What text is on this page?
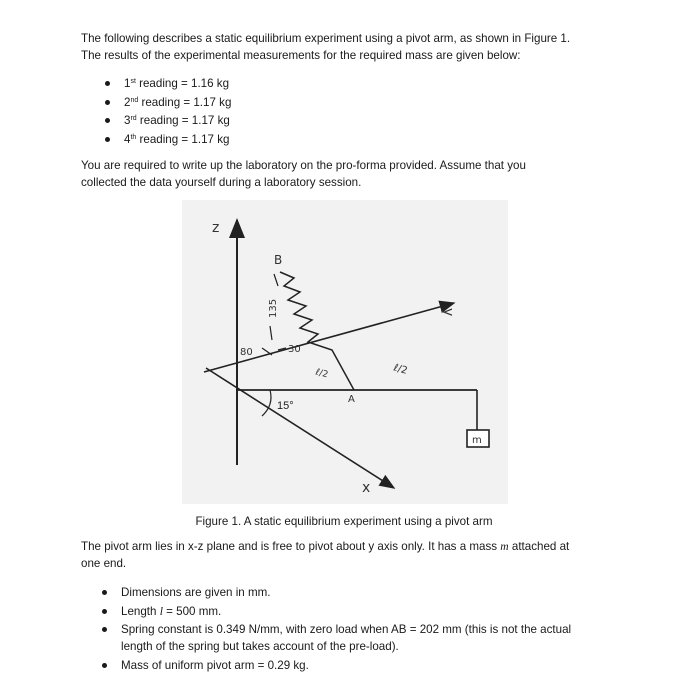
The following describes a static equilibrium experiment using a pivot arm, as shown in Figure 1.
The results of the experimental measurements for the required mass are given below:

1st reading = 1.16 kg
2nd reading = 1.17 kg
3rd reading = 1.17 kg
4th reading = 1.17 kg

You are required to write up the laboratory on the pro-forma provided. Assume that you
collected the data yourself during a laboratory session.

z
y
x
m
B
A
135
80	30
ℓ/2	ℓ/2
15°
Figure 1. A static equilibrium experiment using a pivot arm

The pivot arm lies in x-z plane and is free to pivot about y axis only. It has a mass m attached at
one end.

Dimensions are given in mm.
Length l = 500 mm.
Spring constant is 0.349 N/mm, with zero load when AB = 202 mm (this is not the actual
length of the spring but takes account of the pre-load).
Mass of uniform pivot arm = 0.29 kg.
